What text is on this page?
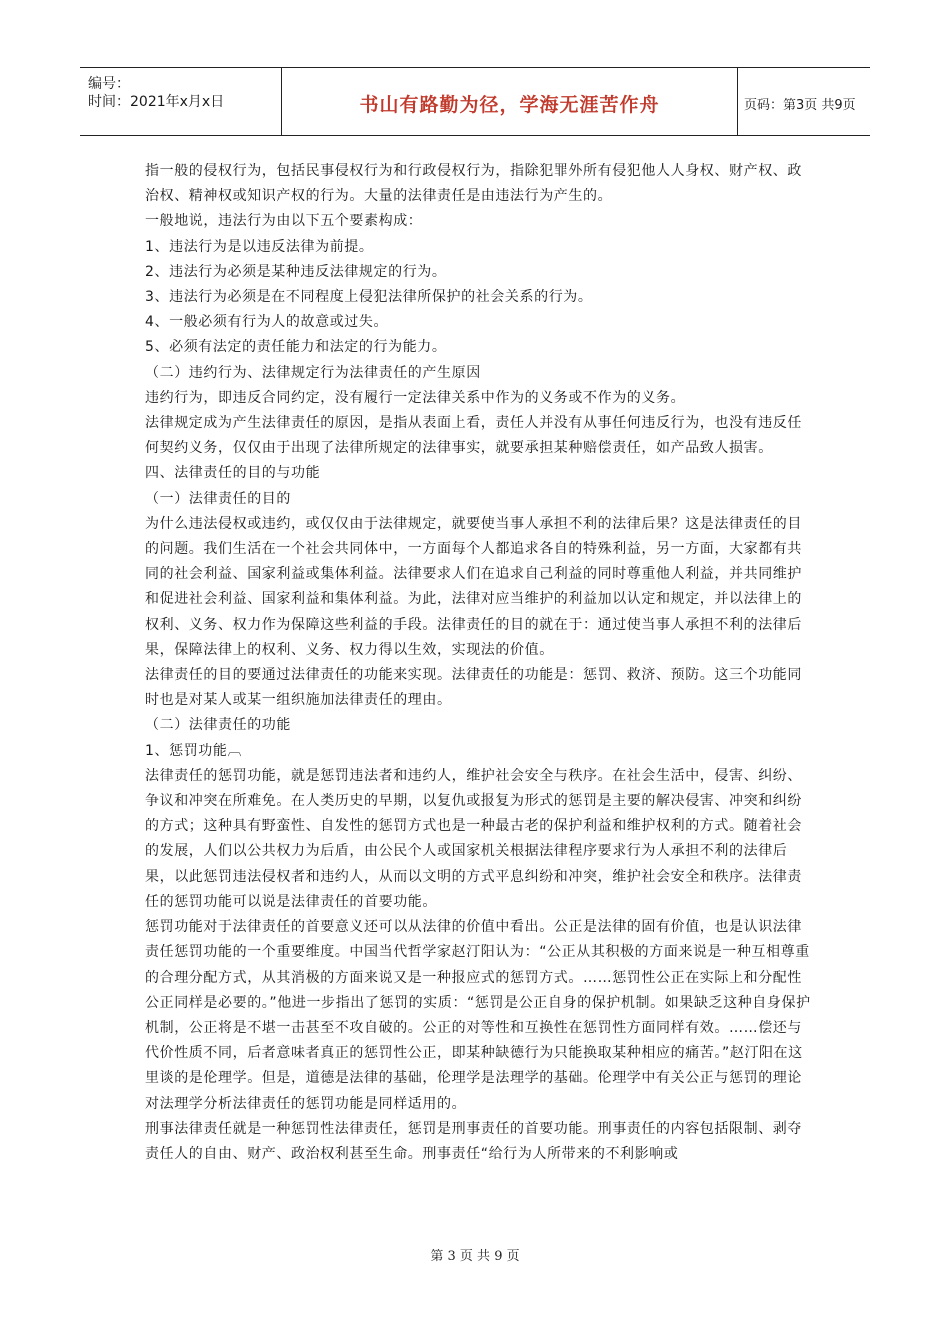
编号：
时间：2021年x月x日	书山有路勤为径，学海无涯苦作舟	页码：第3页 共9页

指一般的侵权行为，包括民事侵权行为和行政侵权行为，指除犯罪外所有侵犯他人人身权、财产权、政治权、精神权或知识产权的行为。大量的法律责任是由违法行为产生的。

一般地说，违法行为由以下五个要素构成：

1、违法行为是以违反法律为前提。

2、违法行为必须是某种违反法律规定的行为。

3、违法行为必须是在不同程度上侵犯法律所保护的社会关系的行为。

4、一般必须有行为人的故意或过失。

5、必须有法定的责任能力和法定的行为能力。

（二）违约行为、法律规定行为法律责任的产生原因

违约行为，即违反合同约定，没有履行一定法律关系中作为的义务或不作为的义务。

法律规定成为产生法律责任的原因，是指从表面上看，责任人并没有从事任何违反行为，也没有违反任何契约义务，仅仅由于出现了法律所规定的法律事实，就要承担某种赔偿责任，如产品致人损害。

四、法律责任的目的与功能

（一）法律责任的目的

为什么违法侵权或违约，或仅仅由于法律规定，就要使当事人承担不利的法律后果？这是法律责任的目的问题。我们生活在一个社会共同体中，一方面每个人都追求各自的特殊利益，另一方面，大家都有共同的社会利益、国家利益或集体利益。法律要求人们在追求自己利益的同时尊重他人利益，并共同维护和促进社会利益、国家利益和集体利益。为此，法律对应当维护的利益加以认定和规定，并以法律上的权利、义务、权力作为保障这些利益的手段。法律责任的目的就在于：通过使当事人承担不利的法律后果，保障法律上的权利、义务、权力得以生效，实现法的价值。

法律责任的目的要通过法律责任的功能来实现。法律责任的功能是：惩罚、救济、预防。这三个功能同时也是对某人或某一组织施加法律责任的理由。

（二）法律责任的功能

1、惩罚功能︹

法律责任的惩罚功能，就是惩罚违法者和违约人，维护社会安全与秩序。在社会生活中，侵害、纠纷、争议和冲突在所难免。在人类历史的早期，以复仇或报复为形式的惩罚是主要的解决侵害、冲突和纠纷的方式；这种具有野蛮性、自发性的惩罚方式也是一种最古老的保护利益和维护权利的方式。随着社会的发展，人们以公共权力为后盾，由公民个人或国家机关根据法律程序要求行为人承担不利的法律后果，以此惩罚违法侵权者和违约人，从而以文明的方式平息纠纷和冲突，维护社会安全和秩序。法律责任的惩罚功能可以说是法律责任的首要功能。

惩罚功能对于法律责任的首要意义还可以从法律的价值中看出。公正是法律的固有价值，也是认识法律责任惩罚功能的一个重要维度。中国当代哲学家赵汀阳认为：“公正从其积极的方面来说是一种互相尊重的合理分配方式，从其消极的方面来说又是一种报应式的惩罚方式。……惩罚性公正在实际上和分配性公正同样是必要的。”他进一步指出了惩罚的实质：“惩罚是公正自身的保护机制。如果缺乏这种自身保护机制，公正将是不堪一击甚至不攻自破的。公正的对等性和互换性在惩罚性方面同样有效。……偿还与代价性质不同，后者意味者真正的惩罚性公正，即某种缺德行为只能换取某种相应的痛苦。”赵汀阳在这里谈的是伦理学。但是，道德是法律的基础，伦理学是法理学的基础。伦理学中有关公正与惩罚的理论对法理学分析法律责任的惩罚功能是同样适用的。

刑事法律责任就是一种惩罚性法律责任，惩罚是刑事责任的首要功能。刑事责任的内容包括限制、剥夺责任人的自由、财产、政治权利甚至生命。刑事责任“给行为人所带来的不利影响或

第 3 页 共 9 页
